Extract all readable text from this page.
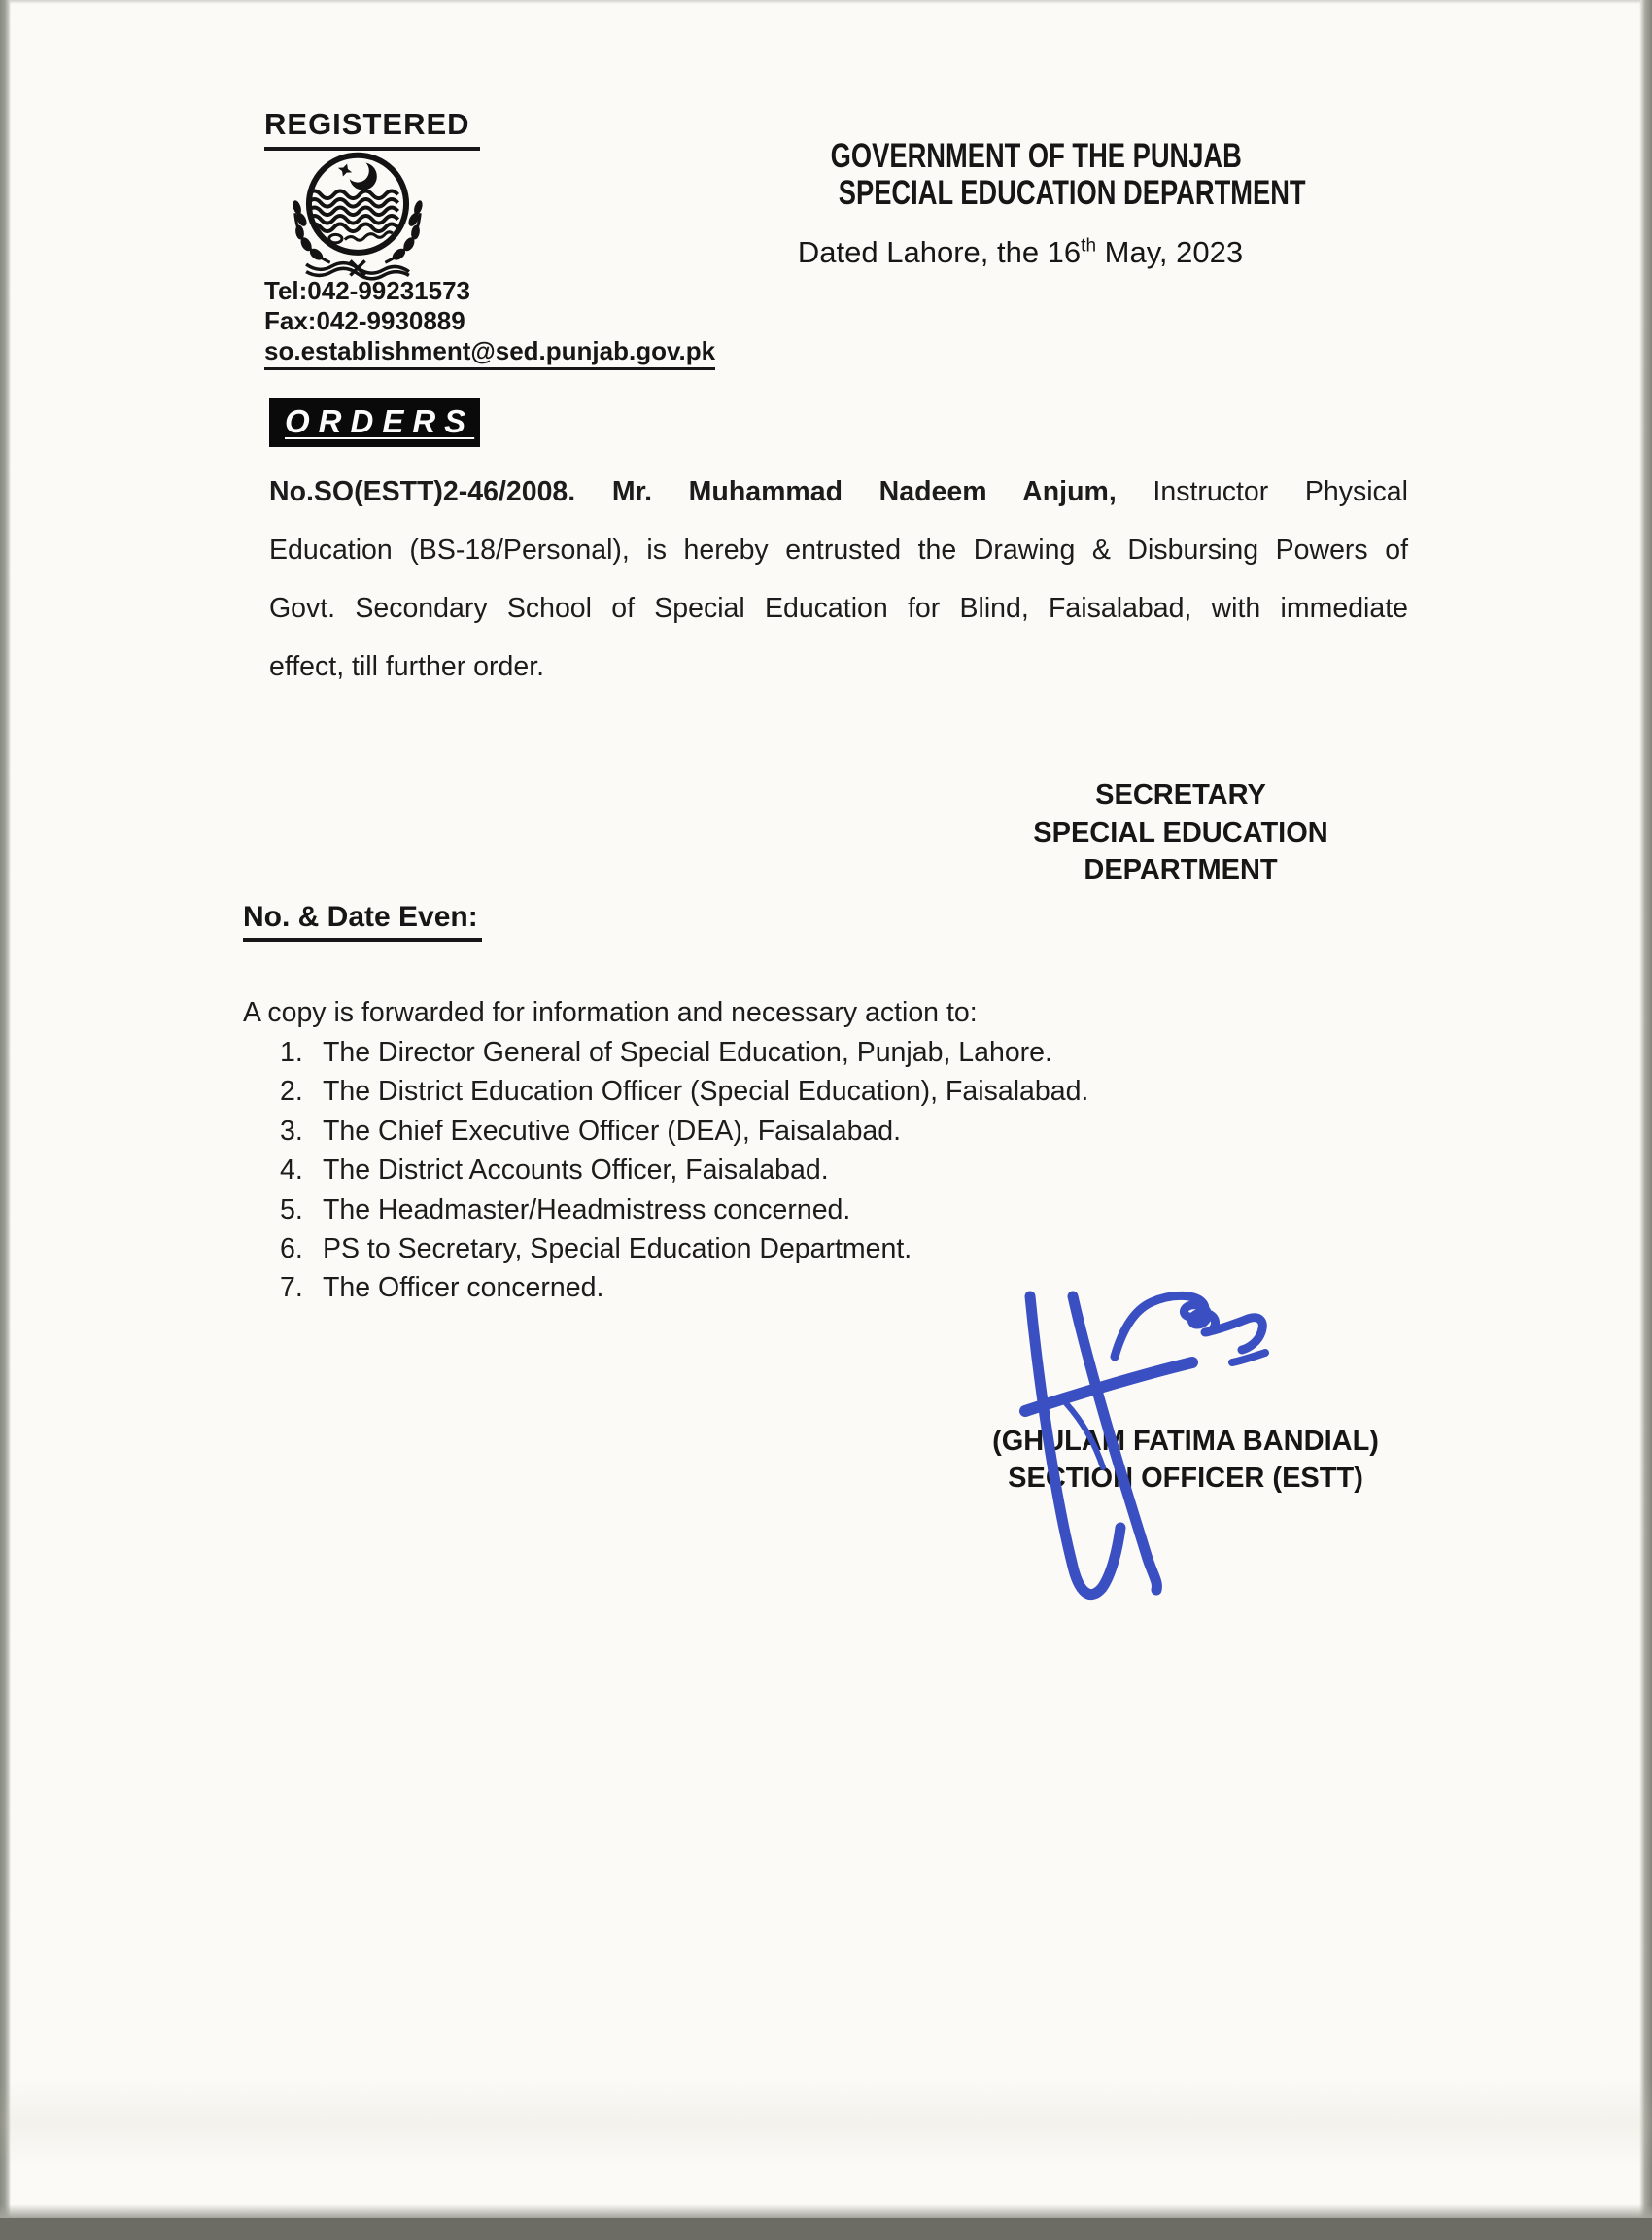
REGISTERED
Tel:042-99231573
Fax:042-9930889
so.establishment@sed.punjab.gov.pk
GOVERNMENT OF THE PUNJAB
SPECIAL EDUCATION DEPARTMENT
Dated Lahore, the 16th May, 2023
ORDERS
No.SO(ESTT)2-46/2008. Mr. Muhammad Nadeem Anjum, Instructor Physical
Education (BS-18/Personal), is hereby entrusted the Drawing & Disbursing Powers of
Govt. Secondary School of Special Education for Blind, Faisalabad, with immediate
effect, till further order.
SECRETARY
SPECIAL EDUCATION
DEPARTMENT
No. & Date Even:
A copy is forwarded for information and necessary action to:
1. The Director General of Special Education, Punjab, Lahore.
2. The District Education Officer (Special Education), Faisalabad.
3. The Chief Executive Officer (DEA), Faisalabad.
4. The District Accounts Officer, Faisalabad.
5. The Headmaster/Headmistress concerned.
6. PS to Secretary, Special Education Department.
7. The Officer concerned.
(GHULAM FATIMA BANDIAL)
SECTION OFFICER (ESTT)
